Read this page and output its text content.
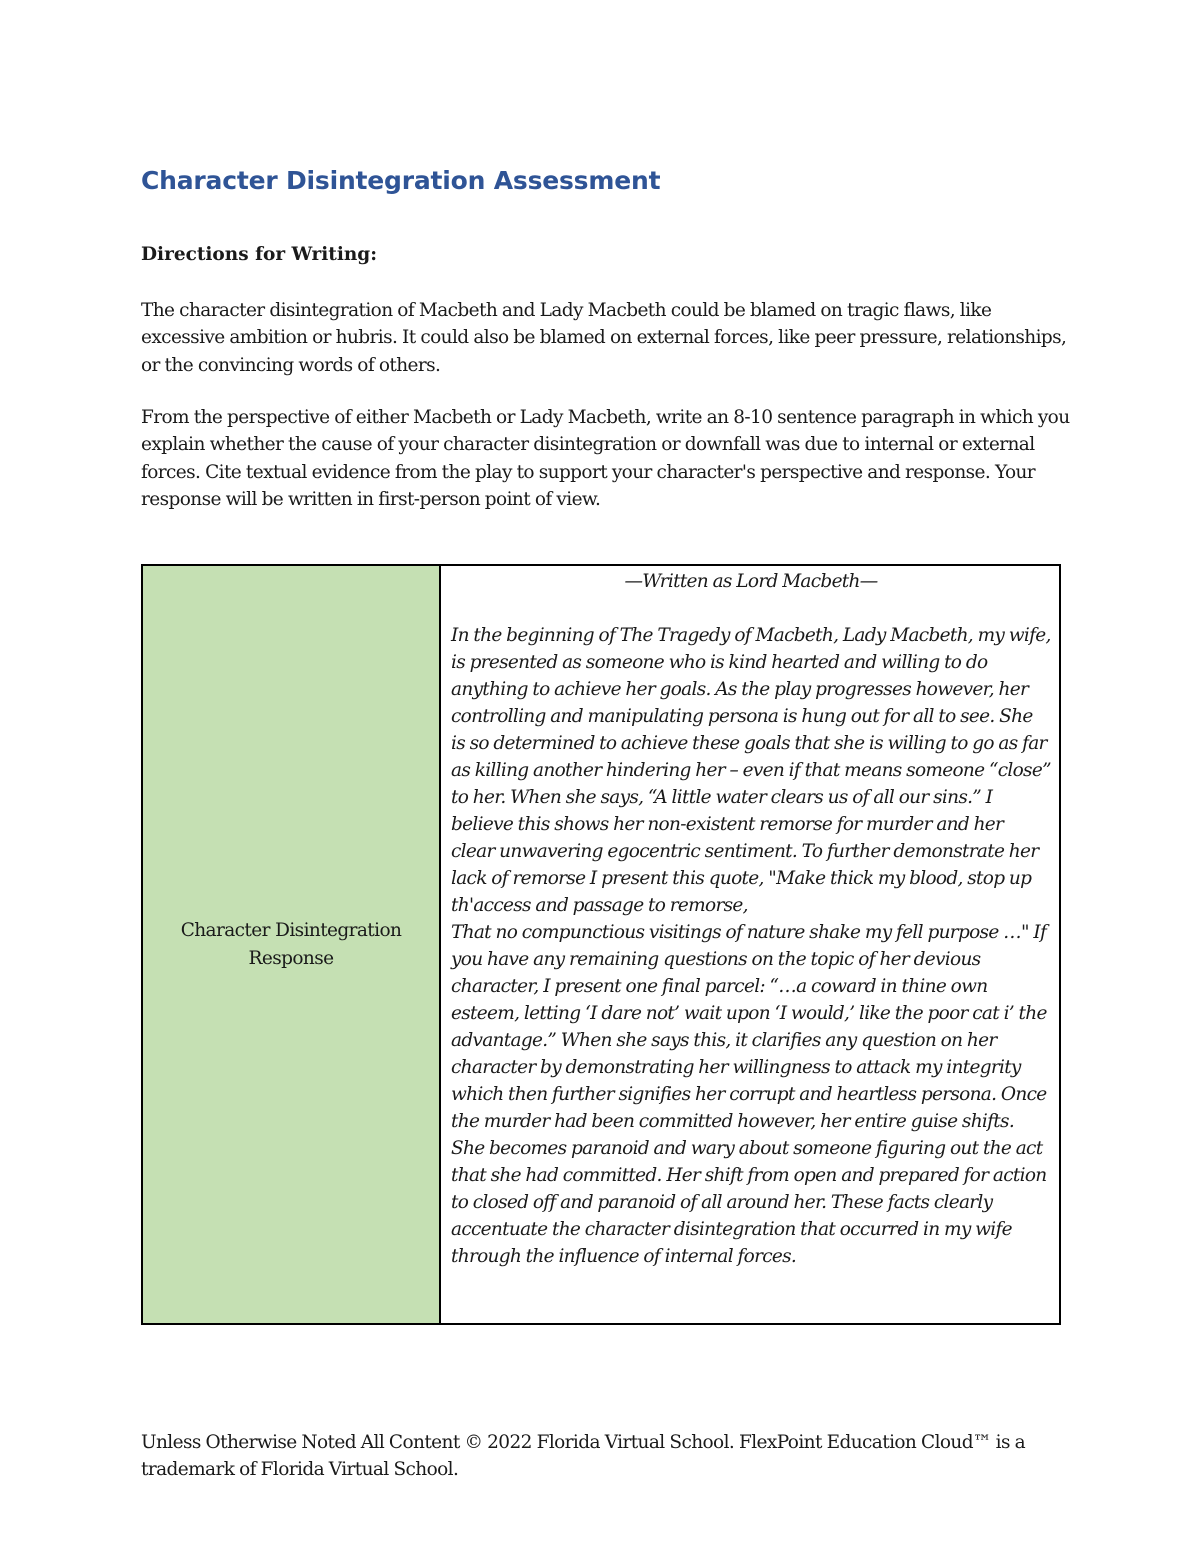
Character Disintegration Assessment

Directions for Writing:

The character disintegration of Macbeth and Lady Macbeth could be blamed on tragic flaws, like excessive ambition or hubris. It could also be blamed on external forces, like peer pressure, relationships, or the convincing words of others.

From the perspective of either Macbeth or Lady Macbeth, write an 8-10 sentence paragraph in which you explain whether the cause of your character disintegration or downfall was due to internal or external forces. Cite textual evidence from the play to support your character's perspective and response. Your response will be written in first-person point of view.

Character Disintegration Response

—Written as Lord Macbeth—

In the beginning of The Tragedy of Macbeth, Lady Macbeth, my wife, is presented as someone who is kind hearted and willing to do anything to achieve her goals. As the play progresses however, her controlling and manipulating persona is hung out for all to see. She is so determined to achieve these goals that she is willing to go as far as killing another hindering her – even if that means someone “close” to her. When she says, “A little water clears us of all our sins.” I believe this shows her non-existent remorse for murder and her clear unwavering egocentric sentiment. To further demonstrate her lack of remorse I present this quote, "Make thick my blood, stop up th'access and passage to remorse,
That no compunctious visitings of nature shake my fell purpose …" If you have any remaining questions on the topic of her devious character, I present one final parcel: “…a coward in thine own esteem, letting ‘I dare not’ wait upon ‘I would,’ like the poor cat i’ the advantage.” When she says this, it clarifies any question on her character by demonstrating her willingness to attack my integrity which then further signifies her corrupt and heartless persona. Once the murder had been committed however, her entire guise shifts. She becomes paranoid and wary about someone figuring out the act that she had committed. Her shift from open and prepared for action to closed off and paranoid of all around her. These facts clearly accentuate the character disintegration that occurred in my wife through the influence of internal forces.

Unless Otherwise Noted All Content © 2022 Florida Virtual School. FlexPoint Education Cloud™ is a trademark of Florida Virtual School.
